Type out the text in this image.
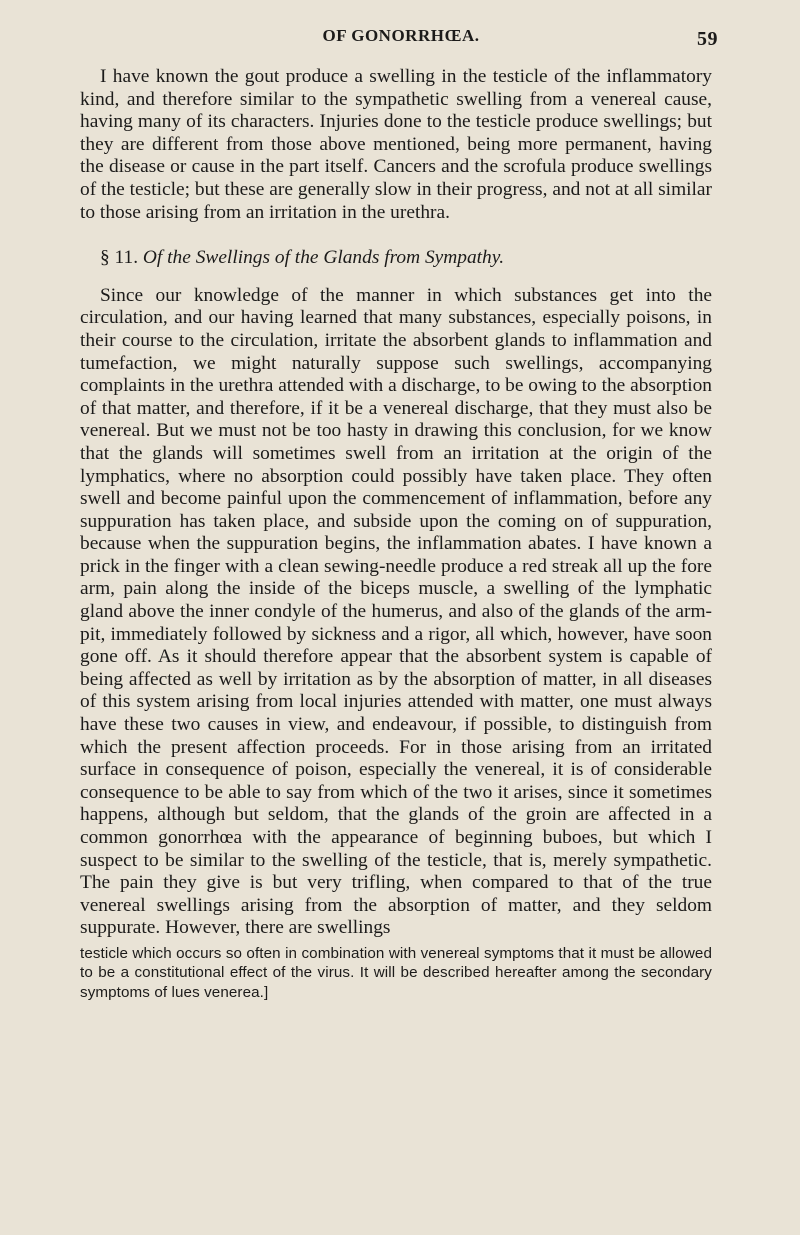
OF GONORRHŒA.	59

I have known the gout produce a swelling in the testicle of the inflammatory kind, and therefore similar to the sympathetic swelling from a venereal cause, having many of its characters. Injuries done to the testicle produce swellings; but they are different from those above mentioned, being more permanent, having the disease or cause in the part itself. Cancers and the scrofula produce swellings of the testicle; but these are generally slow in their progress, and not at all similar to those arising from an irritation in the urethra.

§ 11. Of the Swellings of the Glands from Sympathy.

Since our knowledge of the manner in which substances get into the circulation, and our having learned that many substances, especially poisons, in their course to the circulation, irritate the absorbent glands to inflammation and tumefaction, we might naturally suppose such swellings, accompanying complaints in the urethra attended with a discharge, to be owing to the absorption of that matter, and therefore, if it be a venereal discharge, that they must also be venereal. But we must not be too hasty in drawing this conclusion, for we know that the glands will sometimes swell from an irritation at the origin of the lymphatics, where no absorption could possibly have taken place. They often swell and become painful upon the commencement of inflammation, before any suppuration has taken place, and subside upon the coming on of suppuration, because when the suppuration begins, the inflammation abates. I have known a prick in the finger with a clean sewing-needle produce a red streak all up the fore arm, pain along the inside of the biceps muscle, a swelling of the lymphatic gland above the inner condyle of the humerus, and also of the glands of the arm-pit, immediately followed by sickness and a rigor, all which, however, have soon gone off. As it should therefore appear that the absorbent system is capable of being affected as well by irritation as by the absorption of matter, in all diseases of this system arising from local injuries attended with matter, one must always have these two causes in view, and endeavour, if possible, to distinguish from which the present affection proceeds. For in those arising from an irritated surface in consequence of poison, especially the venereal, it is of considerable consequence to be able to say from which of the two it arises, since it sometimes happens, although but seldom, that the glands of the groin are affected in a common gonorrhœa with the appearance of beginning buboes, but which I suspect to be similar to the swelling of the testicle, that is, merely sympathetic. The pain they give is but very trifling, when compared to that of the true venereal swellings arising from the absorption of matter, and they seldom suppurate. However, there are swellings

testicle which occurs so often in combination with venereal symptoms that it must be allowed to be a constitutional effect of the virus. It will be described hereafter among the secondary symptoms of lues venerea.]
